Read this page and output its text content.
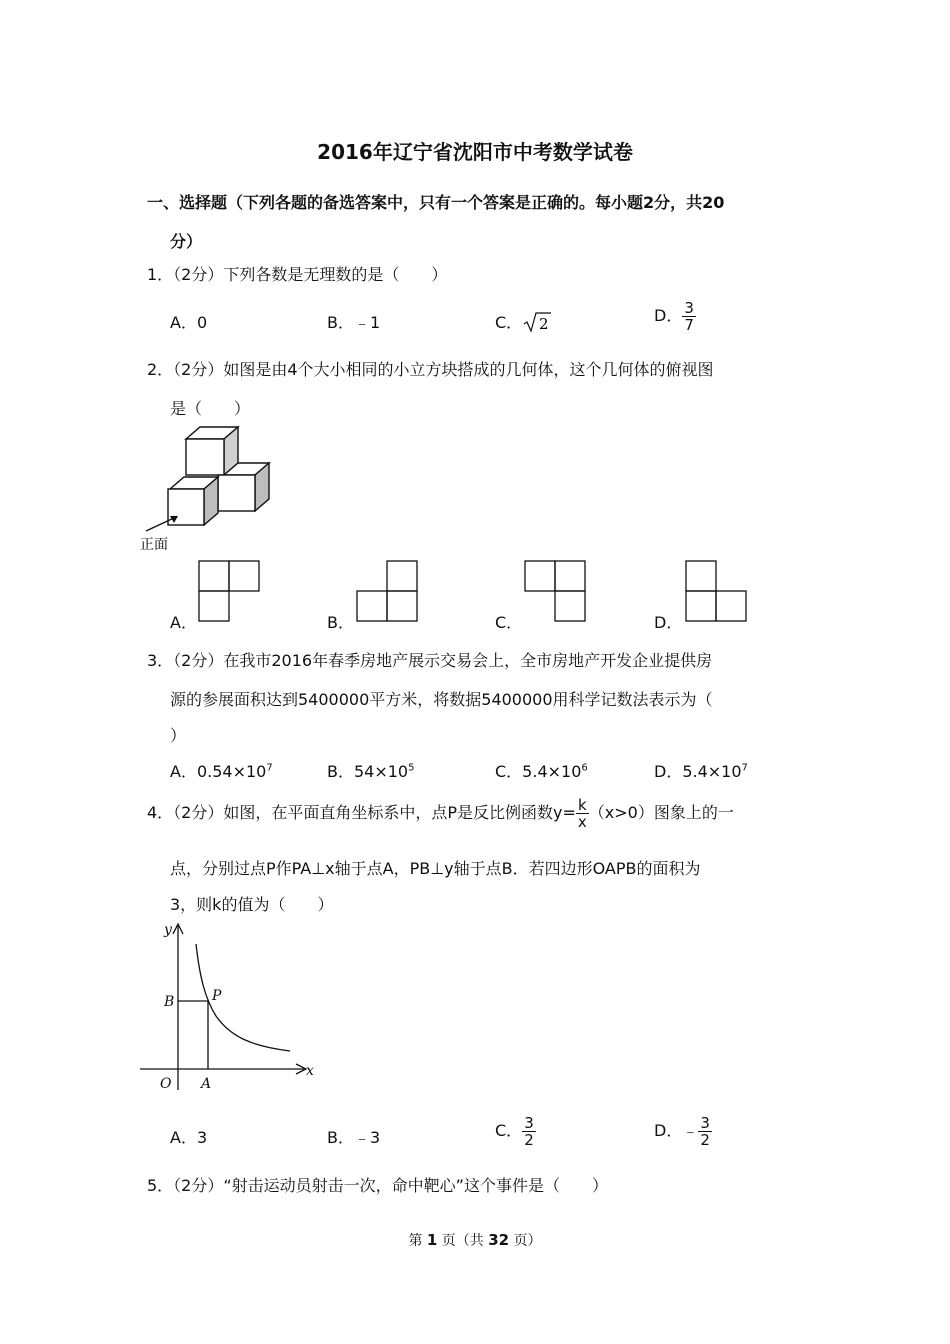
2016年辽宁省沈阳市中考数学试卷
一、选择题（下列各题的备选答案中，只有一个答案是正确的。每小题2分，共20
分）
1．（2分）下列各数是无理数的是（　　）
A．0	B．﹣1	C． 2	D． $\frac{3}{7}$
2．（2分）如图是由4个大小相同的小立方块搭成的几何体，这个几何体的俯视图
是（　　）
正面
A．	B．	C．	D．
3．（2分）在我市2016年春季房地产展示交易会上，全市房地产开发企业提供房
源的参展面积达到5400000平方米，将数据5400000用科学记数法表示为（
）
A．$0.54\times 10^7$	B．$54\times 10^5$	C．$5.4\times 10^6$	D．$5.4\times 10^7$
4．（2分）如图，在平面直角坐标系中，点P是反比例函数$y= \frac{k}{x} (x>0)$图象上的一
点，分别过点P作PA⊥x轴于点A，PB⊥y轴于点B．若四边形OAPB的面积为
3，则k的值为（　　）
y
x
O A
B	P
A．3	B．﹣3	C． $\frac{3}{2}$	D．﹣ $\frac{3}{2}$
5．（2分）“射击运动员射击一次，命中靶心”这个事件是（　　）
第 1 页（共 32 页）
